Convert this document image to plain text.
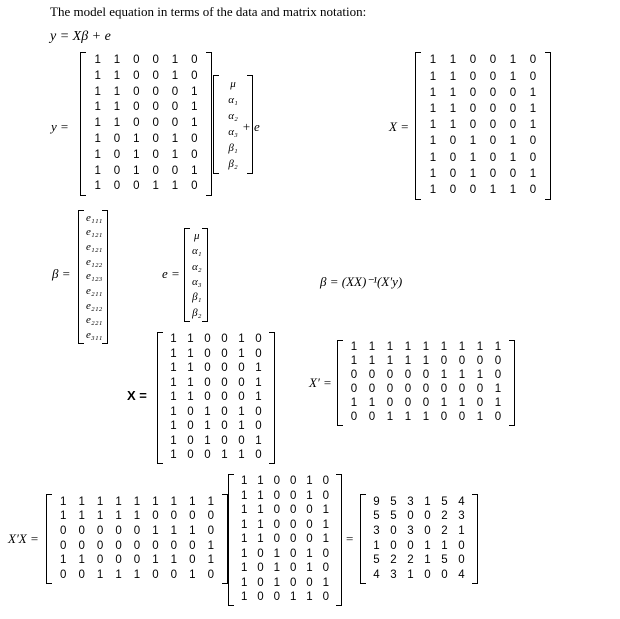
The model equation in terms of the data and matrix notation:
y = Xβ + e
y =
1	1	0	0	1	0
1	1	0	0	1	0
1	1	0	0	0	1
1	1	0	0	0	1
1	1	0	0	0	1
1	0	1	0	1	0
1	0	1	0	1	0
1	0	1	0	0	1
1	0	0	1	1	0
μ
α₁
α₂
α₃
β₁
β₂
+ e	X =
1	1	0	0	1	0
1	1	0	0	1	0
1	1	0	0	0	1
1	1	0	0	0	1
1	1	0	0	0	1
1	0	1	0	1	0
1	0	1	0	1	0
1	0	1	0	0	1
1	0	0	1	1	0
β =
e₁₁₁
e₁₂₁
e₁₂₁
e₁₂₂
e₁₂₃
e₂₁₁
e₂₁₂
e₂₂₁
e₃₁₁
e =
μ
α₁
α₂
α₃
β₁
β₂
β = (XX)⁻¹(X′y)
X =
1 1 0 0 1 0
1 1 0 0 1 0
1 1 0 0 0 1
1 1 0 0 0 1
1 1 0 0 0 1
1 0 1 0 1 0
1 0 1 0 1 0
1 0 1 0 0 1
1 0 0 1 1 0
X′ =
1	1	1	1	1	1	1	1	1
1	1	1	1	1	0	0	0	0
0	0	0	0	0	1	1	1	0
0	0	0	0	0	0	0	0	1
1	1	0	0	0	1	1	0	1
0	0	1	1	1	0	0	1	0
X′X =
1	1	1	1	1	1	1	1	1
1	1	1	1	1	0	0	0	0
0	0	0	0	0	1	1	1	0
0	0	0	0	0	0	0	0	1
1	1	0	0	0	1	1	0	1
0	0	1	1	1	0	0	1	0
1 1 0 0 1 0
1 1 0 0 1 0
1 1 0 0 0 1
1 1 0 0 0 1
1 1 0 0 0 1
1 0 1 0 1 0
1 0 1 0 1 0
1 0 1 0 0 1
1 0 0 1 1 0
=
9 5 3 1 5 4
5 5 0 0 2 3
3 0 3 0 2 1
1 0 0 1 1 0
5 2 2 1 5 0
4 3 1 0 0 4
